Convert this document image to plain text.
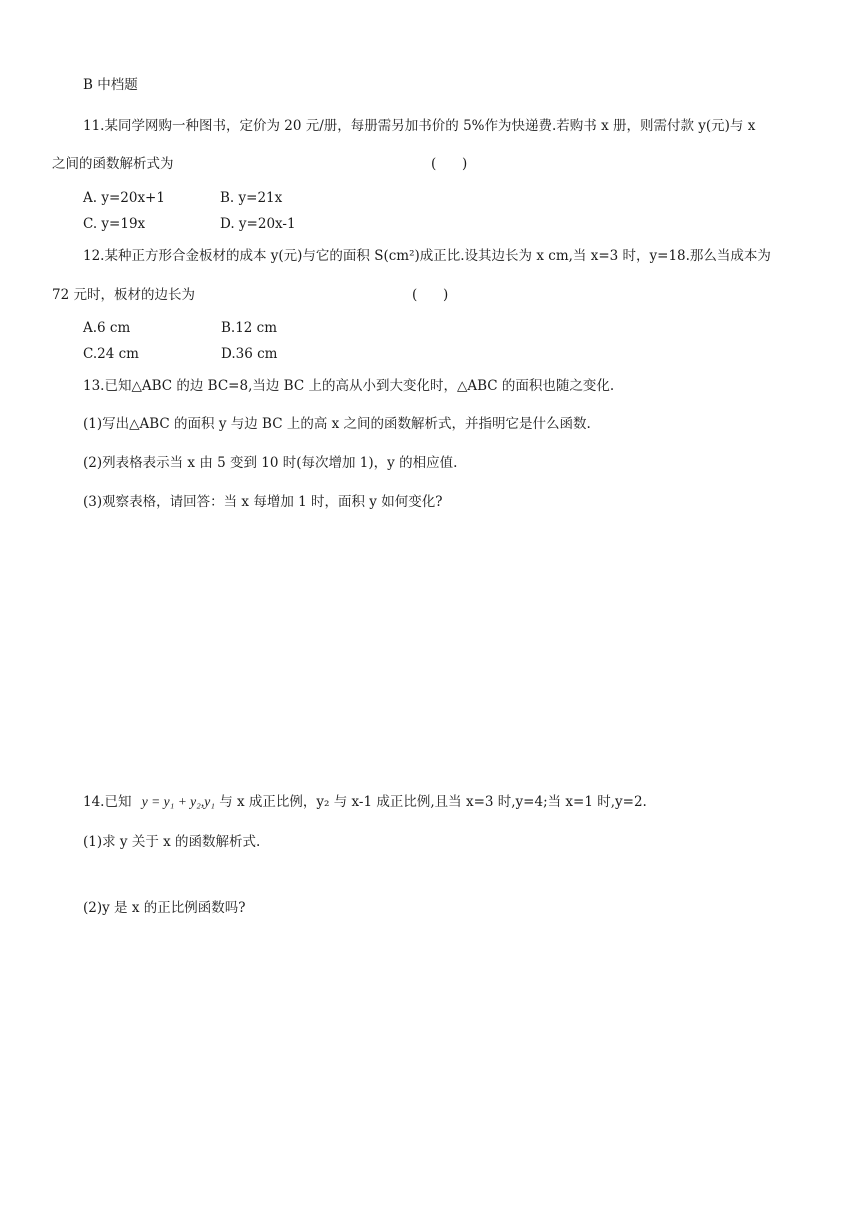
B 中档题
11.某同学网购一种图书，定价为 20 元/册，每册需另加书价的 5%作为快递费.若购书 x 册，则需付款 y(元)与 x
之间的函数解析式为	(      )
A. y=20x+1	B. y=21x
C. y=19x	D. y=20x-1
12.某种正方形合金板材的成本 y(元)与它的面积 S(cm²)成正比.设其边长为 x cm,当 x=3 时，y=18.那么当成本为
72 元时，板材的边长为	(      )
A.6 cm	B.12 cm
C.24 cm	D.36 cm
13.已知△ABC 的边 BC=8,当边 BC 上的高从小到大变化时，△ABC 的面积也随之变化.
(1)写出△ABC 的面积 y 与边 BC 上的高 x 之间的函数解析式，并指明它是什么函数.
(2)列表格表示当 x 由 5 变到 10 时(每次增加 1)，y 的相应值.
(3)观察表格，请回答：当 x 每增加 1 时，面积 y 如何变化?
14.已知 y = y₁ + y₂,y₁ 与 x 成正比例，y₂ 与 x-1 成正比例,且当 x=3 时,y=4;当 x=1 时,y=2.
(1)求 y 关于 x 的函数解析式.
(2)y 是 x 的正比例函数吗?
